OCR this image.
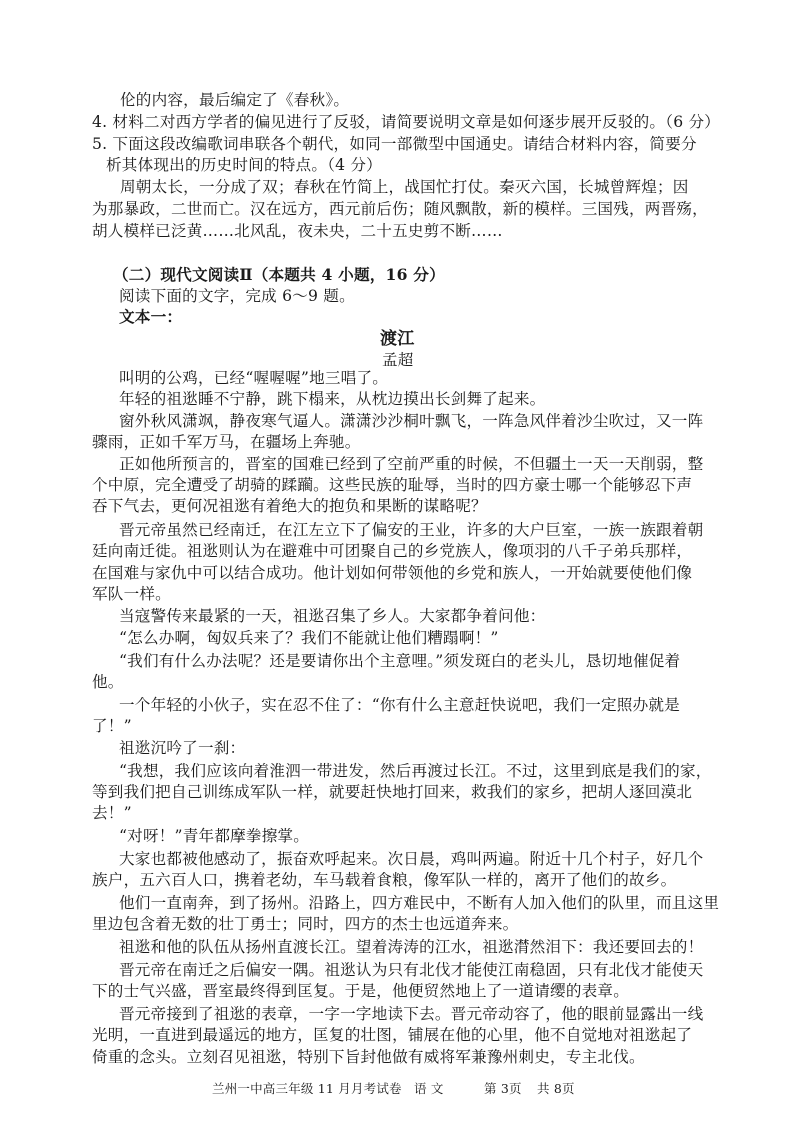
伦的内容，最后编定了《春秋》。
4. 材料二对西方学者的偏见进行了反驳，请简要说明文章是如何逐步展开反驳的。（6 分）
5. 下面这段改编歌词串联各个朝代，如同一部微型中国通史。请结合材料内容，简要分
析其体现出的历史时间的特点。（4 分）
周朝太长，一分成了双；春秋在竹简上，战国忙打仗。秦灭六国，长城曾辉煌；因
为那暴政，二世而亡。汉在远方，西元前后伤；随风飘散，新的模样。三国残，两晋殇，
胡人模样已泛黄……北风乱，夜未央，二十五史剪不断……
（二）现代文阅读Ⅱ（本题共 4 小题，16 分）
阅读下面的文字，完成 6～9 题。
文本一：
渡江
孟超
叫明的公鸡，已经“喔喔喔”地三唱了。
年轻的祖逖睡不宁静，跳下榻来，从枕边摸出长剑舞了起来。
窗外秋风潇飒，静夜寒气逼人。潇潇沙沙桐叶飘飞，一阵急风伴着沙尘吹过，又一阵
骤雨，正如千军万马，在疆场上奔驰。
正如他所预言的，晋室的国难已经到了空前严重的时候，不但疆土一天一天削弱，整
个中原，完全遭受了胡骑的蹂躏。这些民族的耻辱，当时的四方豪士哪一个能够忍下声
吞下气去，更何况祖逖有着绝大的抱负和果断的谋略呢？
晋元帝虽然已经南迁，在江左立下了偏安的王业，许多的大户巨室，一族一族跟着朝
廷向南迁徙。祖逖则认为在避难中可团聚自己的乡党族人，像项羽的八千子弟兵那样，
在国难与家仇中可以结合成功。他计划如何带领他的乡党和族人，一开始就要使他们像
军队一样。
当寇警传来最紧的一天，祖逖召集了乡人。大家都争着问他：
“怎么办啊，匈奴兵来了？我们不能就让他们糟蹋啊！”
“我们有什么办法呢？还是要请你出个主意哩。”须发斑白的老头儿，恳切地催促着
他。
一个年轻的小伙子，实在忍不住了：“你有什么主意赶快说吧，我们一定照办就是
了！”
祖逖沉吟了一刹：
“我想，我们应该向着淮泗一带进发，然后再渡过长江。不过，这里到底是我们的家，
等到我们把自己训练成军队一样，就要赶快地打回来，救我们的家乡，把胡人逐回漠北
去！”
“对呀！”青年都摩拳擦掌。
大家也都被他感动了，振奋欢呼起来。次日晨，鸡叫两遍。附近十几个村子，好几个
族户，五六百人口，携着老幼，车马载着食粮，像军队一样的，离开了他们的故乡。
他们一直南奔，到了扬州。沿路上，四方难民中，不断有人加入他们的队里，而且这里
里边包含着无数的壮丁勇士；同时，四方的杰士也远道奔来。
祖逖和他的队伍从扬州直渡长江。望着涛涛的江水，祖逖潸然泪下：我还要回去的！
晋元帝在南迁之后偏安一隅。祖逖认为只有北伐才能使江南稳固，只有北伐才能使天
下的士气兴盛，晋室最终得到匡复。于是，他便贸然地上了一道请缨的表章。
晋元帝接到了祖逖的表章，一字一字地读下去。晋元帝动容了，他的眼前显露出一线
光明，一直进到最遥远的地方，匡复的壮图，铺展在他的心里，他不自觉地对祖逖起了
倚重的念头。立刻召见祖逖，特别下旨封他做有威将军兼豫州刺史，专主北伐。
兰州一中高三年级 11 月月考试卷 语 文	第 3页 共 8页
